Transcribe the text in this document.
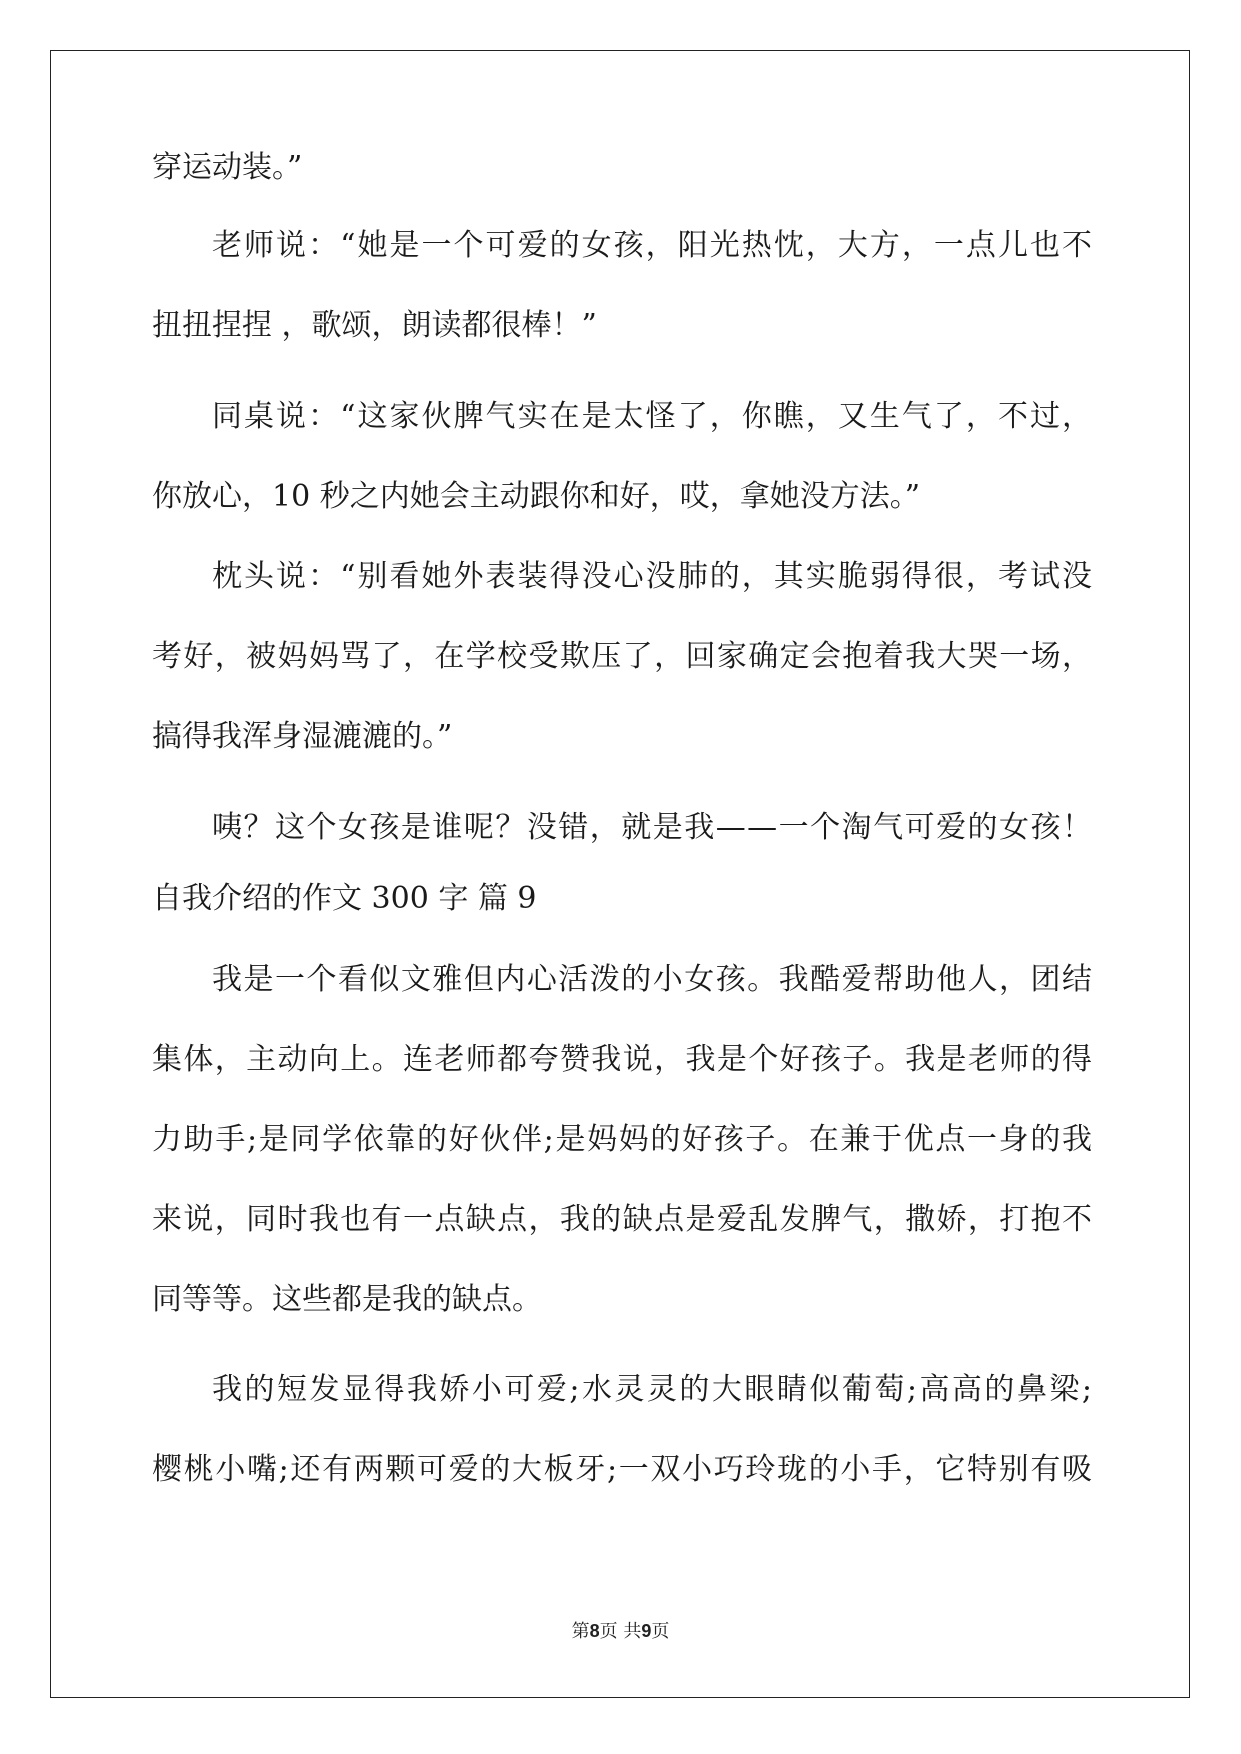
穿运动装。”

老师说：“她是一个可爱的女孩，阳光热忱，大方，一点儿也不

扭扭捏捏 ，歌颂，朗读都很棒！”

同桌说：“这家伙脾气实在是太怪了，你瞧，又生气了，不过，

你放心，10 秒之内她会主动跟你和好，哎，拿她没方法。”

枕头说：“别看她外表装得没心没肺的，其实脆弱得很，考试没

考好，被妈妈骂了，在学校受欺压了，回家确定会抱着我大哭一场，

搞得我浑身湿漉漉的。”

咦？这个女孩是谁呢？没错，就是我——一个淘气可爱的女孩！

自我介绍的作文 300 字 篇 9

我是一个看似文雅但内心活泼的小女孩。我酷爱帮助他人，团结

集体，主动向上。连老师都夸赞我说，我是个好孩子。我是老师的得

力助手;是同学依靠的好伙伴;是妈妈的好孩子。在兼于优点一身的我

来说，同时我也有一点缺点，我的缺点是爱乱发脾气，撒娇，打抱不

同等等。这些都是我的缺点。

我的短发显得我娇小可爱;水灵灵的大眼睛似葡萄;高高的鼻梁;

樱桃小嘴;还有两颗可爱的大板牙;一双小巧玲珑的小手，它特别有吸

第8页 共9页
